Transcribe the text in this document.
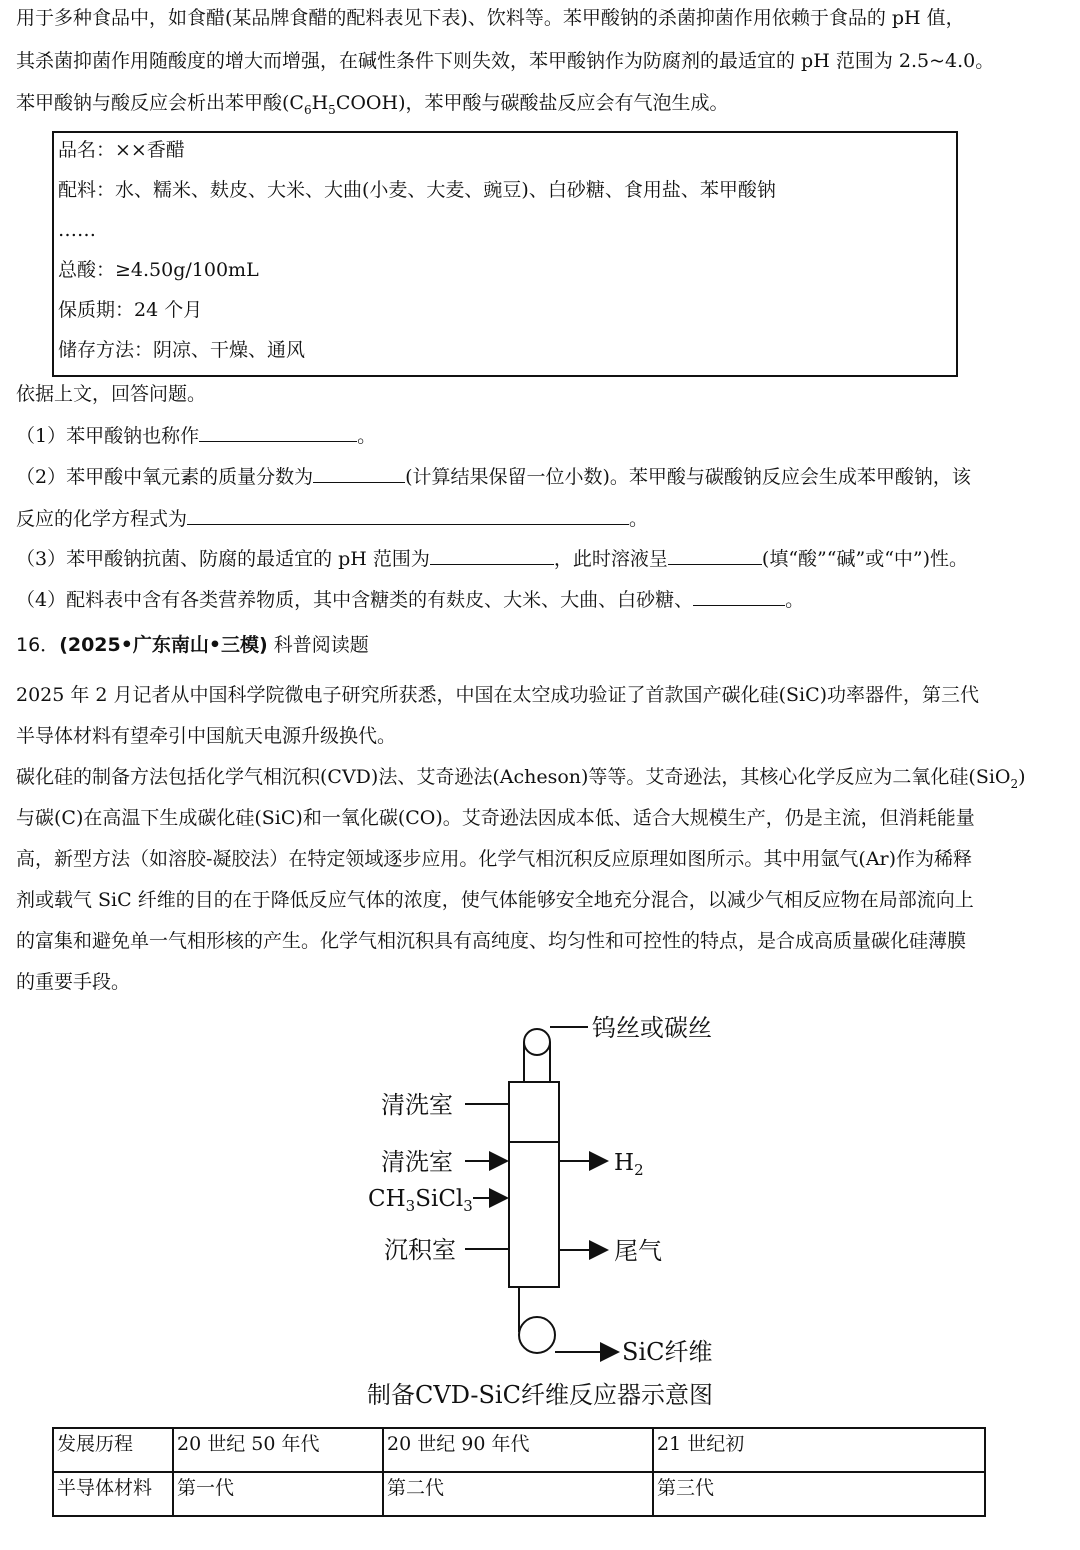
用于多种食品中，如食醋(某品牌食醋的配料表见下表)、饮料等。苯甲酸钠的杀菌抑菌作用依赖于食品的 pH 值，
其杀菌抑菌作用随酸度的增大而增强，在碱性条件下则失效，苯甲酸钠作为防腐剂的最适宜的 pH 范围为 2.5~4.0。
苯甲酸钠与酸反应会析出苯甲酸$(C_6H_5COOH)$，苯甲酸与碳酸盐反应会有气泡生成。
品名：××香醋
配料：水、糯米、麸皮、大米、大曲(小麦、大麦、豌豆)、白砂糖、食用盐、苯甲酸钠
……
总酸：≥4.50g/100mL
保质期：24 个月
储存方法：阴凉、干燥、通风
依据上文，回答问题。
（1）苯甲酸钠也称作	。
（2）苯甲酸中氧元素的质量分数为	(计算结果保留一位小数)。苯甲酸与碳酸钠反应会生成苯甲酸钠，该
反应的化学方程式为	。
（3）苯甲酸钠抗菌、防腐的最适宜的 pH 范围为	，此时溶液呈	(填“酸”“碱”或“中”)性。
（4）配料表中含有各类营养物质，其中含糖类的有麸皮、大米、大曲、白砂糖、	。
16．(2025•广东南山•三模) 科普阅读题
2025 年 2 月记者从中国科学院微电子研究所获悉，中国在太空成功验证了首款国产碳化硅(SiC)功率器件，第三代
半导体材料有望牵引中国航天电源升级换代。
碳化硅的制备方法包括化学气相沉积(CVD)法、艾奇逊法(Acheson)等等。艾奇逊法，其核心化学反应为二氧化硅(SiO$_2$)
与碳(C)在高温下生成碳化硅(SiC)和一氧化碳(CO)。艾奇逊法因成本低、适合大规模生产，仍是主流，但消耗能量
高，新型方法（如溶胶-凝胶法）在特定领域逐步应用。化学气相沉积反应原理如图所示。其中用氩气(Ar)作为稀释
剂或载气 SiC 纤维的目的在于降低反应气体的浓度，使气体能够安全地充分混合，以减少气相反应物在局部流向上
的富集和避免单一气相形核的产生。化学气相沉积具有高纯度、均匀性和可控性的特点，是合成高质量碳化硅薄膜
的重要手段。
钨丝或碳丝
清洗室
清洗室
$CH_3SiCl_3$
沉积室
$H_2$
尾气
SiC纤维
制备CVD-SiC纤维反应器示意图
发展历程	20 世纪 50 年代	20 世纪 90 年代	21 世纪初
半导体材料	第一代	第二代	第三代
